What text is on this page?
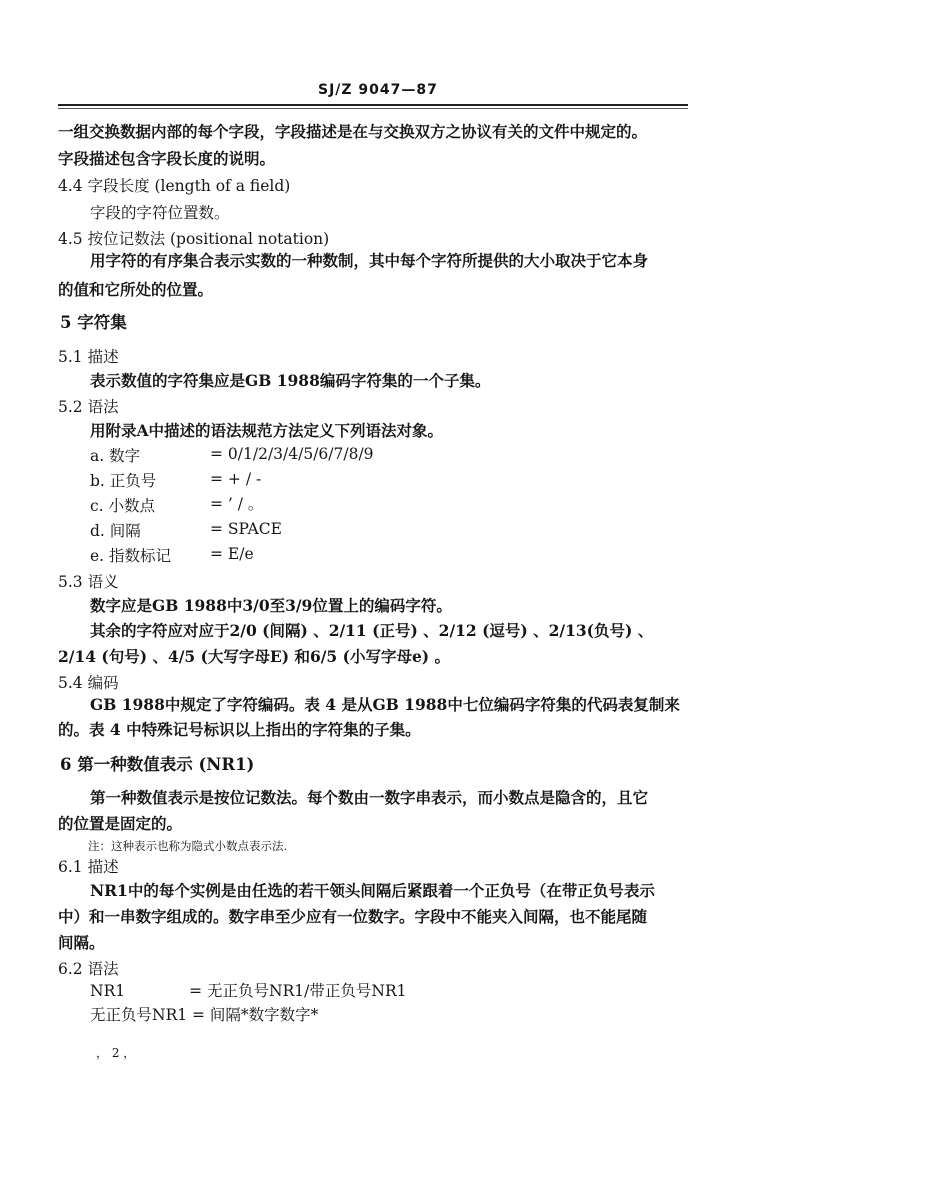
SJ/Z 9047—87
一组交换数据内部的每个字段，字段描述是在与交换双方之协议有关的文件中规定的。
字段描述包含字段长度的说明。
4.4 字段长度 (length of a field)
字段的字符位置数。
4.5 按位记数法 (positional notation)
用字符的有序集合表示实数的一种数制，其中每个字符所提供的大小取决于它本身
的值和它所处的位置。
5 字符集
5.1 描述
表示数值的字符集应是GB 1988编码字符集的一个子集。
5.2 语法
用附录A中描述的语法规范方法定义下列语法对象。
a. 数字	= 0/1/2/3/4/5/6/7/8/9
b. 正负号	= + / -
c. 小数点	= ’ / 。
d. 间隔	= SPACE
e. 指数标记	= E/e
5.3 语义
数字应是GB 1988中3/0至3/9位置上的编码字符。
其余的字符应对应于2/0 (间隔) 、2/11 (正号) 、2/12 (逗号) 、2/13(负号) 、
2/14 (句号) 、4/5 (大写字母E) 和6/5 (小写字母e) 。
5.4 编码
GB 1988中规定了字符编码。表 4 是从GB 1988中七位编码字符集的代码表复制来
的。表 4 中特殊记号标识以上指出的字符集的子集。
6 第一种数值表示 (NR1)
第一种数值表示是按位记数法。每个数由一数字串表示，而小数点是隐含的，且它
的位置是固定的。
注：这种表示也称为隐式小数点表示法.
6.1 描述
NR1中的每个实例是由任选的若干领头间隔后紧跟着一个正负号（在带正负号表示
中）和一串数字组成的。数字串至少应有一位数字。字段中不能夹入间隔，也不能尾随
间隔。
6.2 语法
NR1             = 无正负号NR1/带正负号NR1
无正负号NR1 = 间隔*数字数字*
， 2 ，
